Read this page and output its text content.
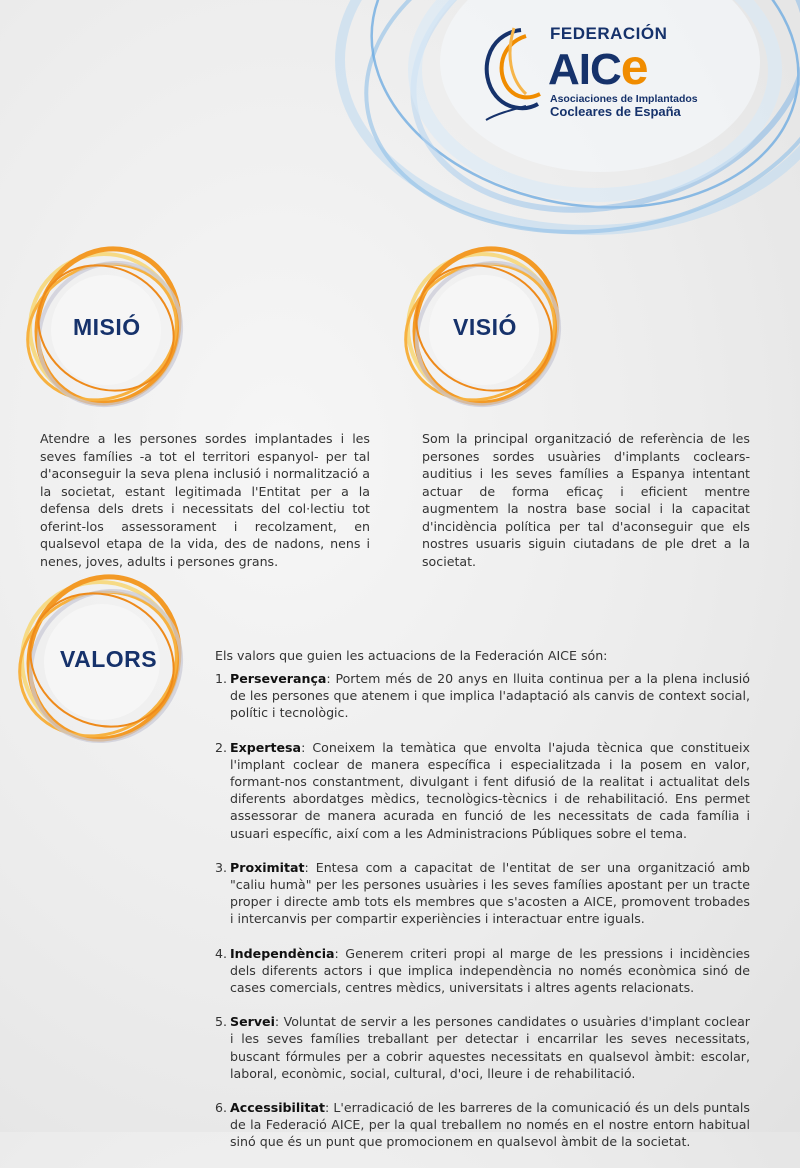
FEDERACIÓN
AICe
Asociaciones de Implantados
Cocleares de España
MISIÓ	VISIÓ

Atendre a les persones sordes implantades i les seves famílies -a tot el territori espanyol- per tal d'aconseguir la seva plena inclusió i normalització a la societat, estant legitimada l'Entitat per a la defensa dels drets i necessitats del col·lectiu tot oferint-los assessorament i recolzament, en qualsevol etapa de la vida, des de nadons, nens i nenes, joves, adults i persones grans.

Som la principal organització de referència de les persones sordes usuàries d'implants coclears-auditius i les seves famílies a Espanya intentant actuar de forma eficaç i eficient mentre augmentem la nostra base social i la capacitat d'incidència política per tal d'aconseguir que els nostres usuaris siguin ciutadans de ple dret a la societat.

VALORS	Els valors que guien les actuacions de la Federación AICE són:
1. Perseverança: Portem més de 20 anys en lluita continua per a la plena inclusió de les persones que atenem i que implica l'adaptació als canvis de context social, polític i tecnològic.
2. Expertesa: Coneixem la temàtica que envolta l'ajuda tècnica que constitueix l'implant coclear de manera específica i especialitzada i la posem en valor, formant-nos constantment, divulgant i fent difusió de la realitat i actualitat dels diferents abordatges mèdics, tecnològics-tècnics i de rehabilitació. Ens permet assessorar de manera acurada en funció de les necessitats de cada família i usuari específic, així com a les Administracions Públiques sobre el tema.
3. Proximitat: Entesa com a capacitat de l'entitat de ser una organització amb "caliu humà" per les persones usuàries i les seves famílies apostant per un tracte proper i directe amb tots els membres que s'acosten a AICE, promovent trobades i intercanvis per compartir experiències i interactuar entre iguals.
4. Independència: Generem criteri propi al marge de les pressions i incidències dels diferents actors i que implica independència no només econòmica sinó de cases comercials, centres mèdics, universitats i altres agents relacionats.
5. Servei: Voluntat de servir a les persones candidates o usuàries d'implant coclear i les seves famílies treballant per detectar i encarrilar les seves necessitats, buscant fórmules per a cobrir aquestes necessitats en qualsevol àmbit: escolar, laboral, econòmic, social, cultural, d'oci, lleure i de rehabilitació.
6. Accessibilitat: L'erradicació de les barreres de la comunicació és un dels puntals de la Federació AICE, per la qual treballem no només en el nostre entorn habitual sinó que és un punt que promocionem en qualsevol àmbit de la societat.
